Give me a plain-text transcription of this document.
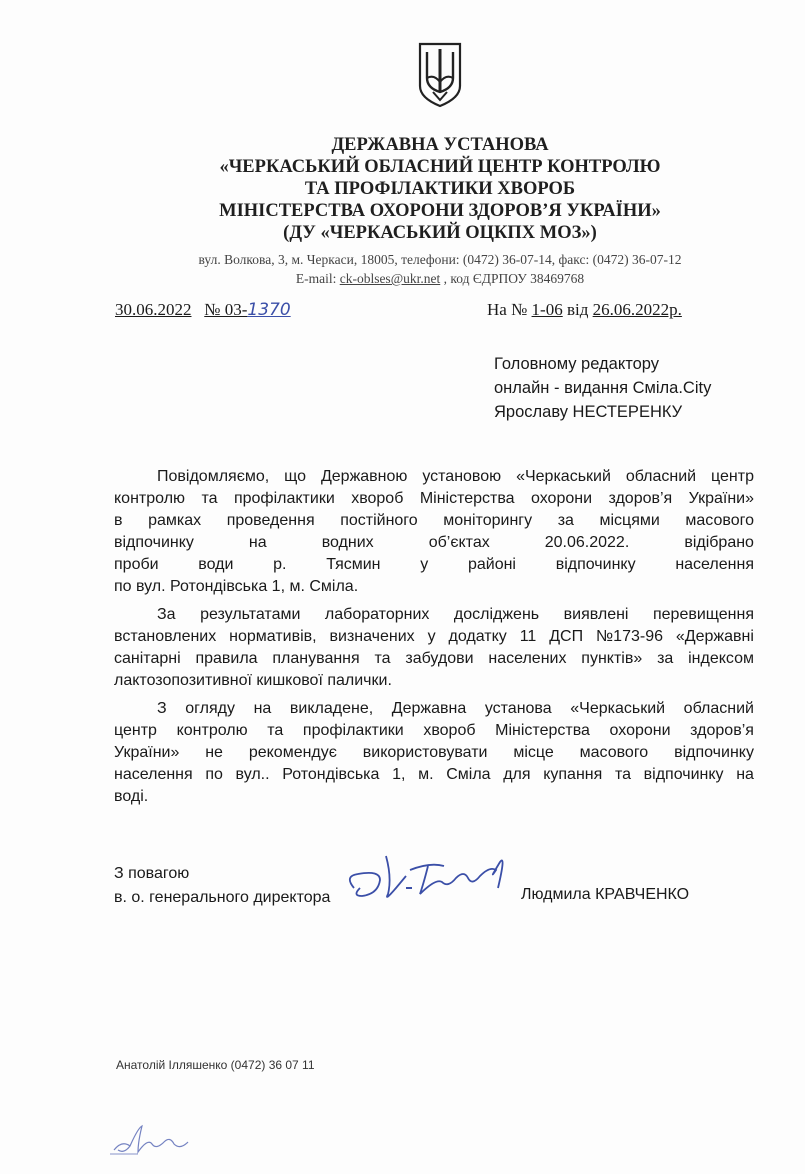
ДЕРЖАВНА УСТАНОВА
«ЧЕРКАСЬКИЙ ОБЛАСНИЙ ЦЕНТР КОНТРОЛЮ
ТА ПРОФІЛАКТИКИ ХВОРОБ
МІНІСТЕРСТВА ОХОРОНИ ЗДОРОВ’Я УКРАЇНИ»
(ДУ «ЧЕРКАСЬКИЙ ОЦКПХ МОЗ»)
вул. Волкова, 3, м. Черкаси, 18005, телефони: (0472) 36-07-14, факс: (0472) 36-07-12
E-mail: ck-oblses@ukr.net , код ЄДРПОУ 38469768
30.06.2022 № 03-1370	На № 1-06 від 26.06.2022р.
Головному редактору
онлайн - видання Сміла.City
Ярославу НЕСТЕРЕНКУ
Повідомляємо, що Державною установою «Черкаський обласний центр
контролю та профілактики хвороб Міністерства охорони здоров’я України»
в рамках проведення постійного моніторингу за місцями масового
відпочинку	на	водних	об’єктах	20.06.2022.	відібрано
проби води р. Тясмин у районі відпочинку населення
по вул. Ротондівська 1, м. Сміла.
За результатами лабораторних досліджень виявлені перевищення
встановлених нормативів, визначених у додатку 11 ДСП №173-96 «Державні
санітарні правила планування та забудови населених пунктів» за індексом
лактозопозитивної кишкової палички.
З огляду на викладене, Державна установа «Черкаський обласний
центр контролю та профілактики хвороб Міністерства охорони здоров’я
України» не рекомендує використовувати місце масового відпочинку
населення по вул.. Ротондівська 1, м. Сміла для купання та відпочинку на
воді.
З повагою
в. о. генерального директора	Людмила КРАВЧЕНКО
Анатолій Ілляшенко (0472) 36 07 11
